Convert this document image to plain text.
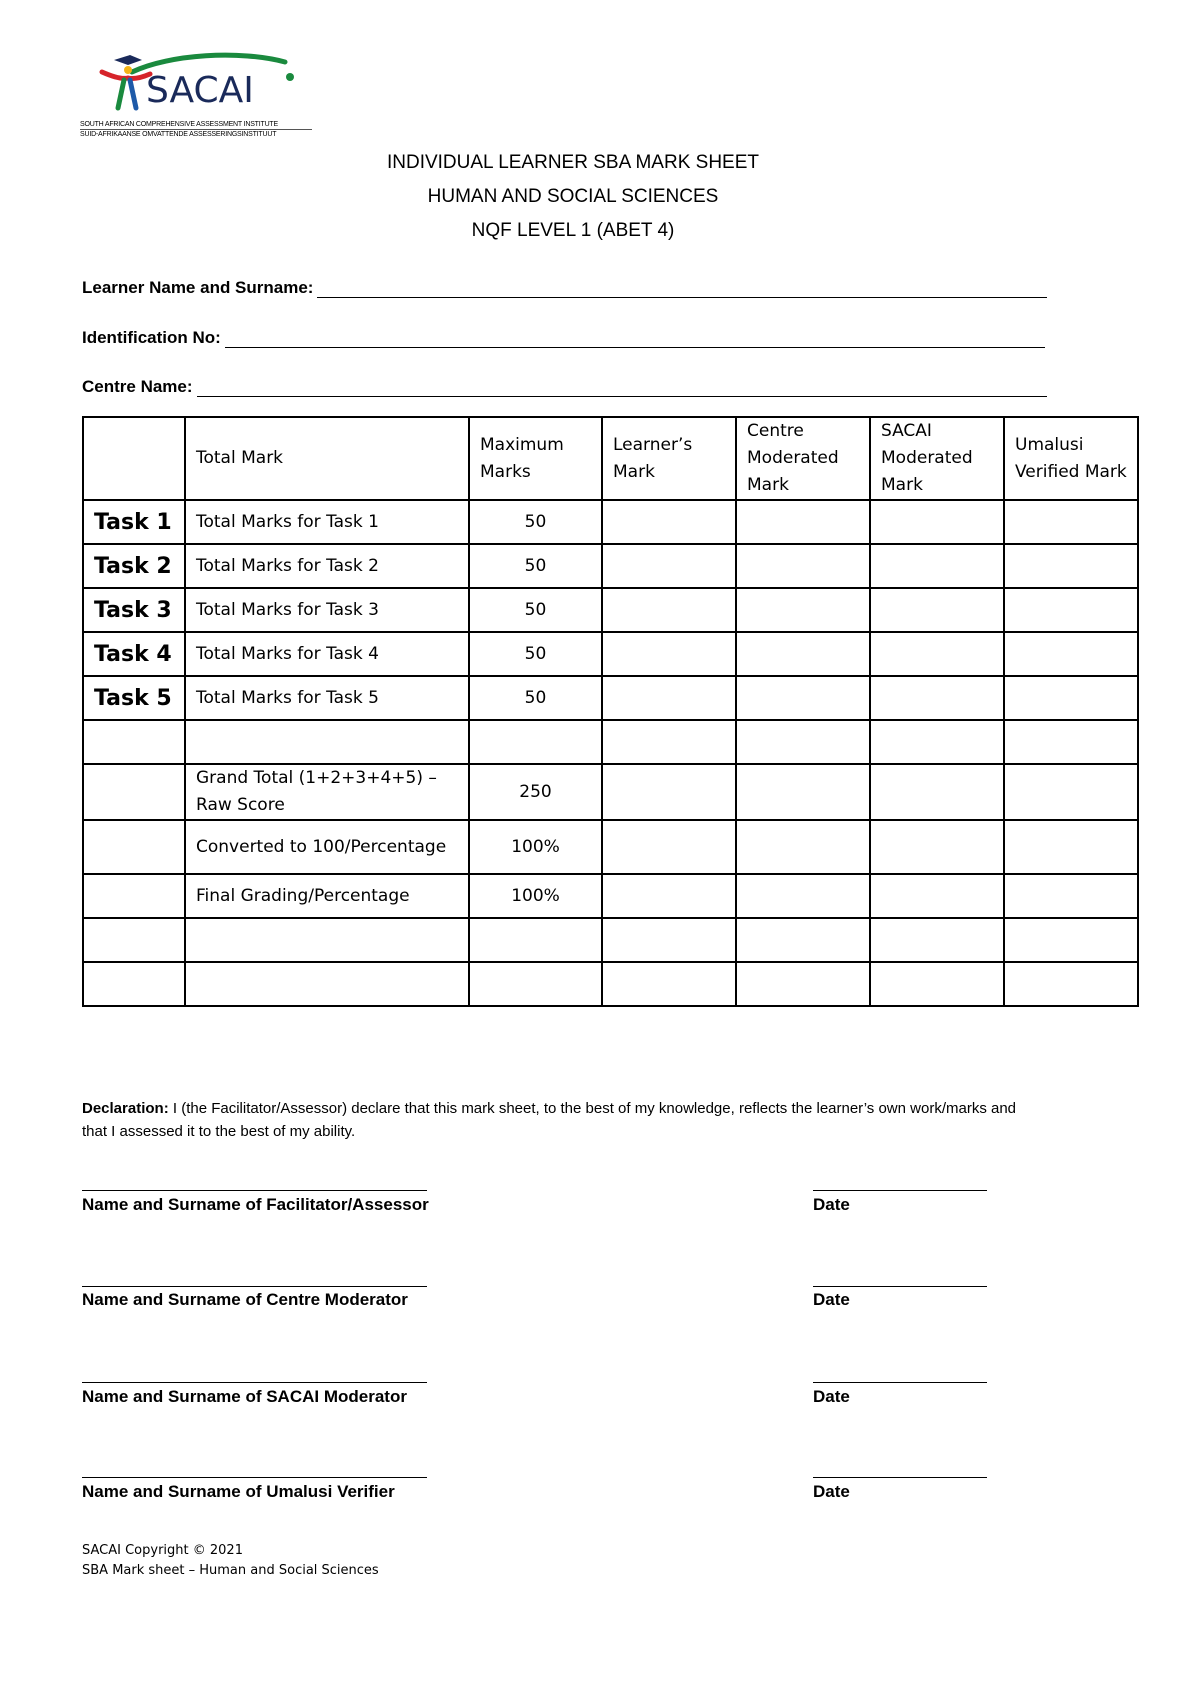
SACAI
SOUTH AFRICAN COMPREHENSIVE ASSESSMENT INSTITUTE
SUID-AFRIKAANSE OMVATTENDE ASSESSERINGSINSTITUUT
INDIVIDUAL LEARNER SBA MARK SHEET
HUMAN AND SOCIAL SCIENCES
NQF LEVEL 1 (ABET 4)
Learner Name and Surname:
Identification No:
Centre Name:
	Total Mark	Maximum Marks	Learner’s Mark	Centre Moderated Mark	SACAI Moderated Mark	Umalusi Verified Mark
Task 1	Total Marks for Task 1	50				
Task 2	Total Marks for Task 2	50				
Task 3	Total Marks for Task 3	50				
Task 4	Total Marks for Task 4	50				
Task 5	Total Marks for Task 5	50				

	Grand Total (1+2+3+4+5) – Raw Score	250				
	Converted to 100/Percentage	100%				
	Final Grading/Percentage	100%				

Declaration: I (the Facilitator/Assessor) declare that this mark sheet, to the best of my knowledge, reflects the learner’s own work/marks and that I assessed it to the best of my ability.
Name and Surname of Facilitator/Assessor	Date
Name and Surname of Centre Moderator	Date
Name and Surname of SACAI Moderator	Date
Name and Surname of Umalusi Verifier	Date
SACAI Copyright © 2021
SBA Mark sheet – Human and Social Sciences
